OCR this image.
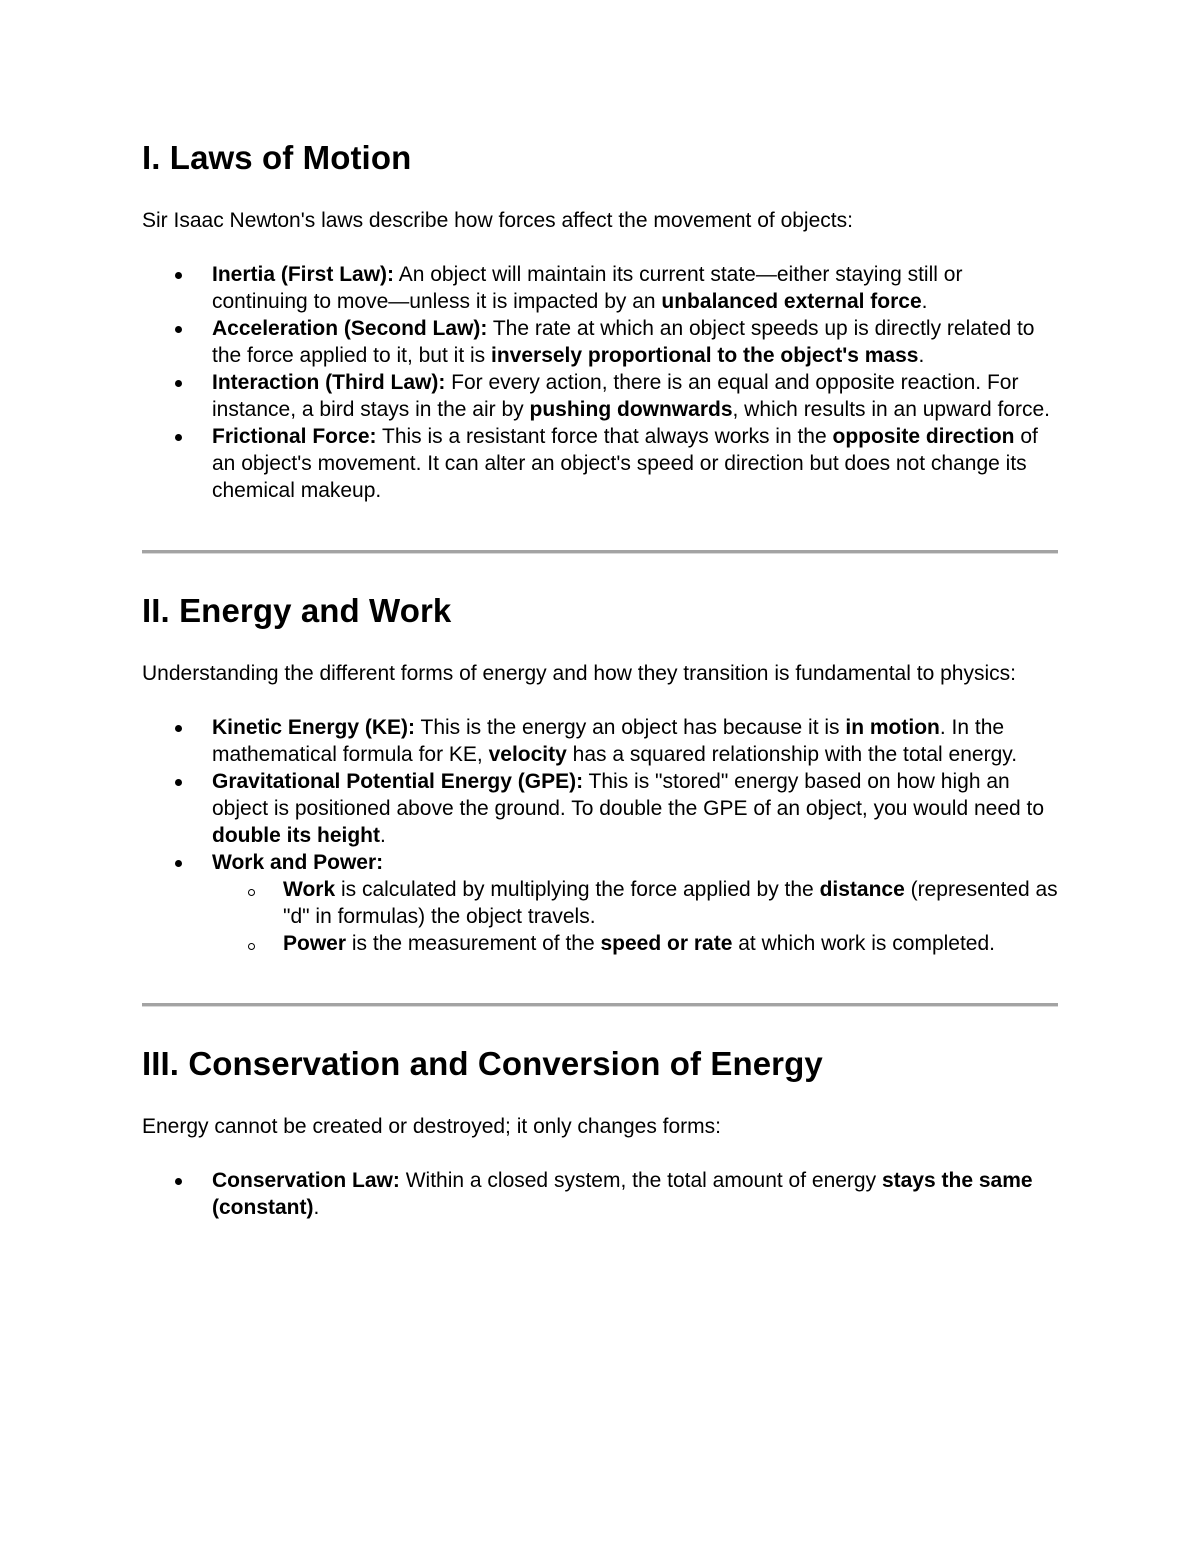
I. Laws of Motion

Sir Isaac Newton's laws describe how forces affect the movement of objects:

Inertia (First Law): An object will maintain its current state—either staying still or continuing to move—unless it is impacted by an unbalanced external force.
Acceleration (Second Law): The rate at which an object speeds up is directly related to the force applied to it, but it is inversely proportional to the object's mass.
Interaction (Third Law): For every action, there is an equal and opposite reaction. For instance, a bird stays in the air by pushing downwards, which results in an upward force.
Frictional Force: This is a resistant force that always works in the opposite direction of an object's movement. It can alter an object's speed or direction but does not change its chemical makeup.
II. Energy and Work

Understanding the different forms of energy and how they transition is fundamental to physics:

Kinetic Energy (KE): This is the energy an object has because it is in motion. In the mathematical formula for KE, velocity has a squared relationship with the total energy.
Gravitational Potential Energy (GPE): This is "stored" energy based on how high an object is positioned above the ground. To double the GPE of an object, you would need to double its height.
Work and Power:
Work is calculated by multiplying the force applied by the distance (represented as "d" in formulas) the object travels.
Power is the measurement of the speed or rate at which work is completed.
III. Conservation and Conversion of Energy

Energy cannot be created or destroyed; it only changes forms:

Conservation Law: Within a closed system, the total amount of energy stays the same (constant).
